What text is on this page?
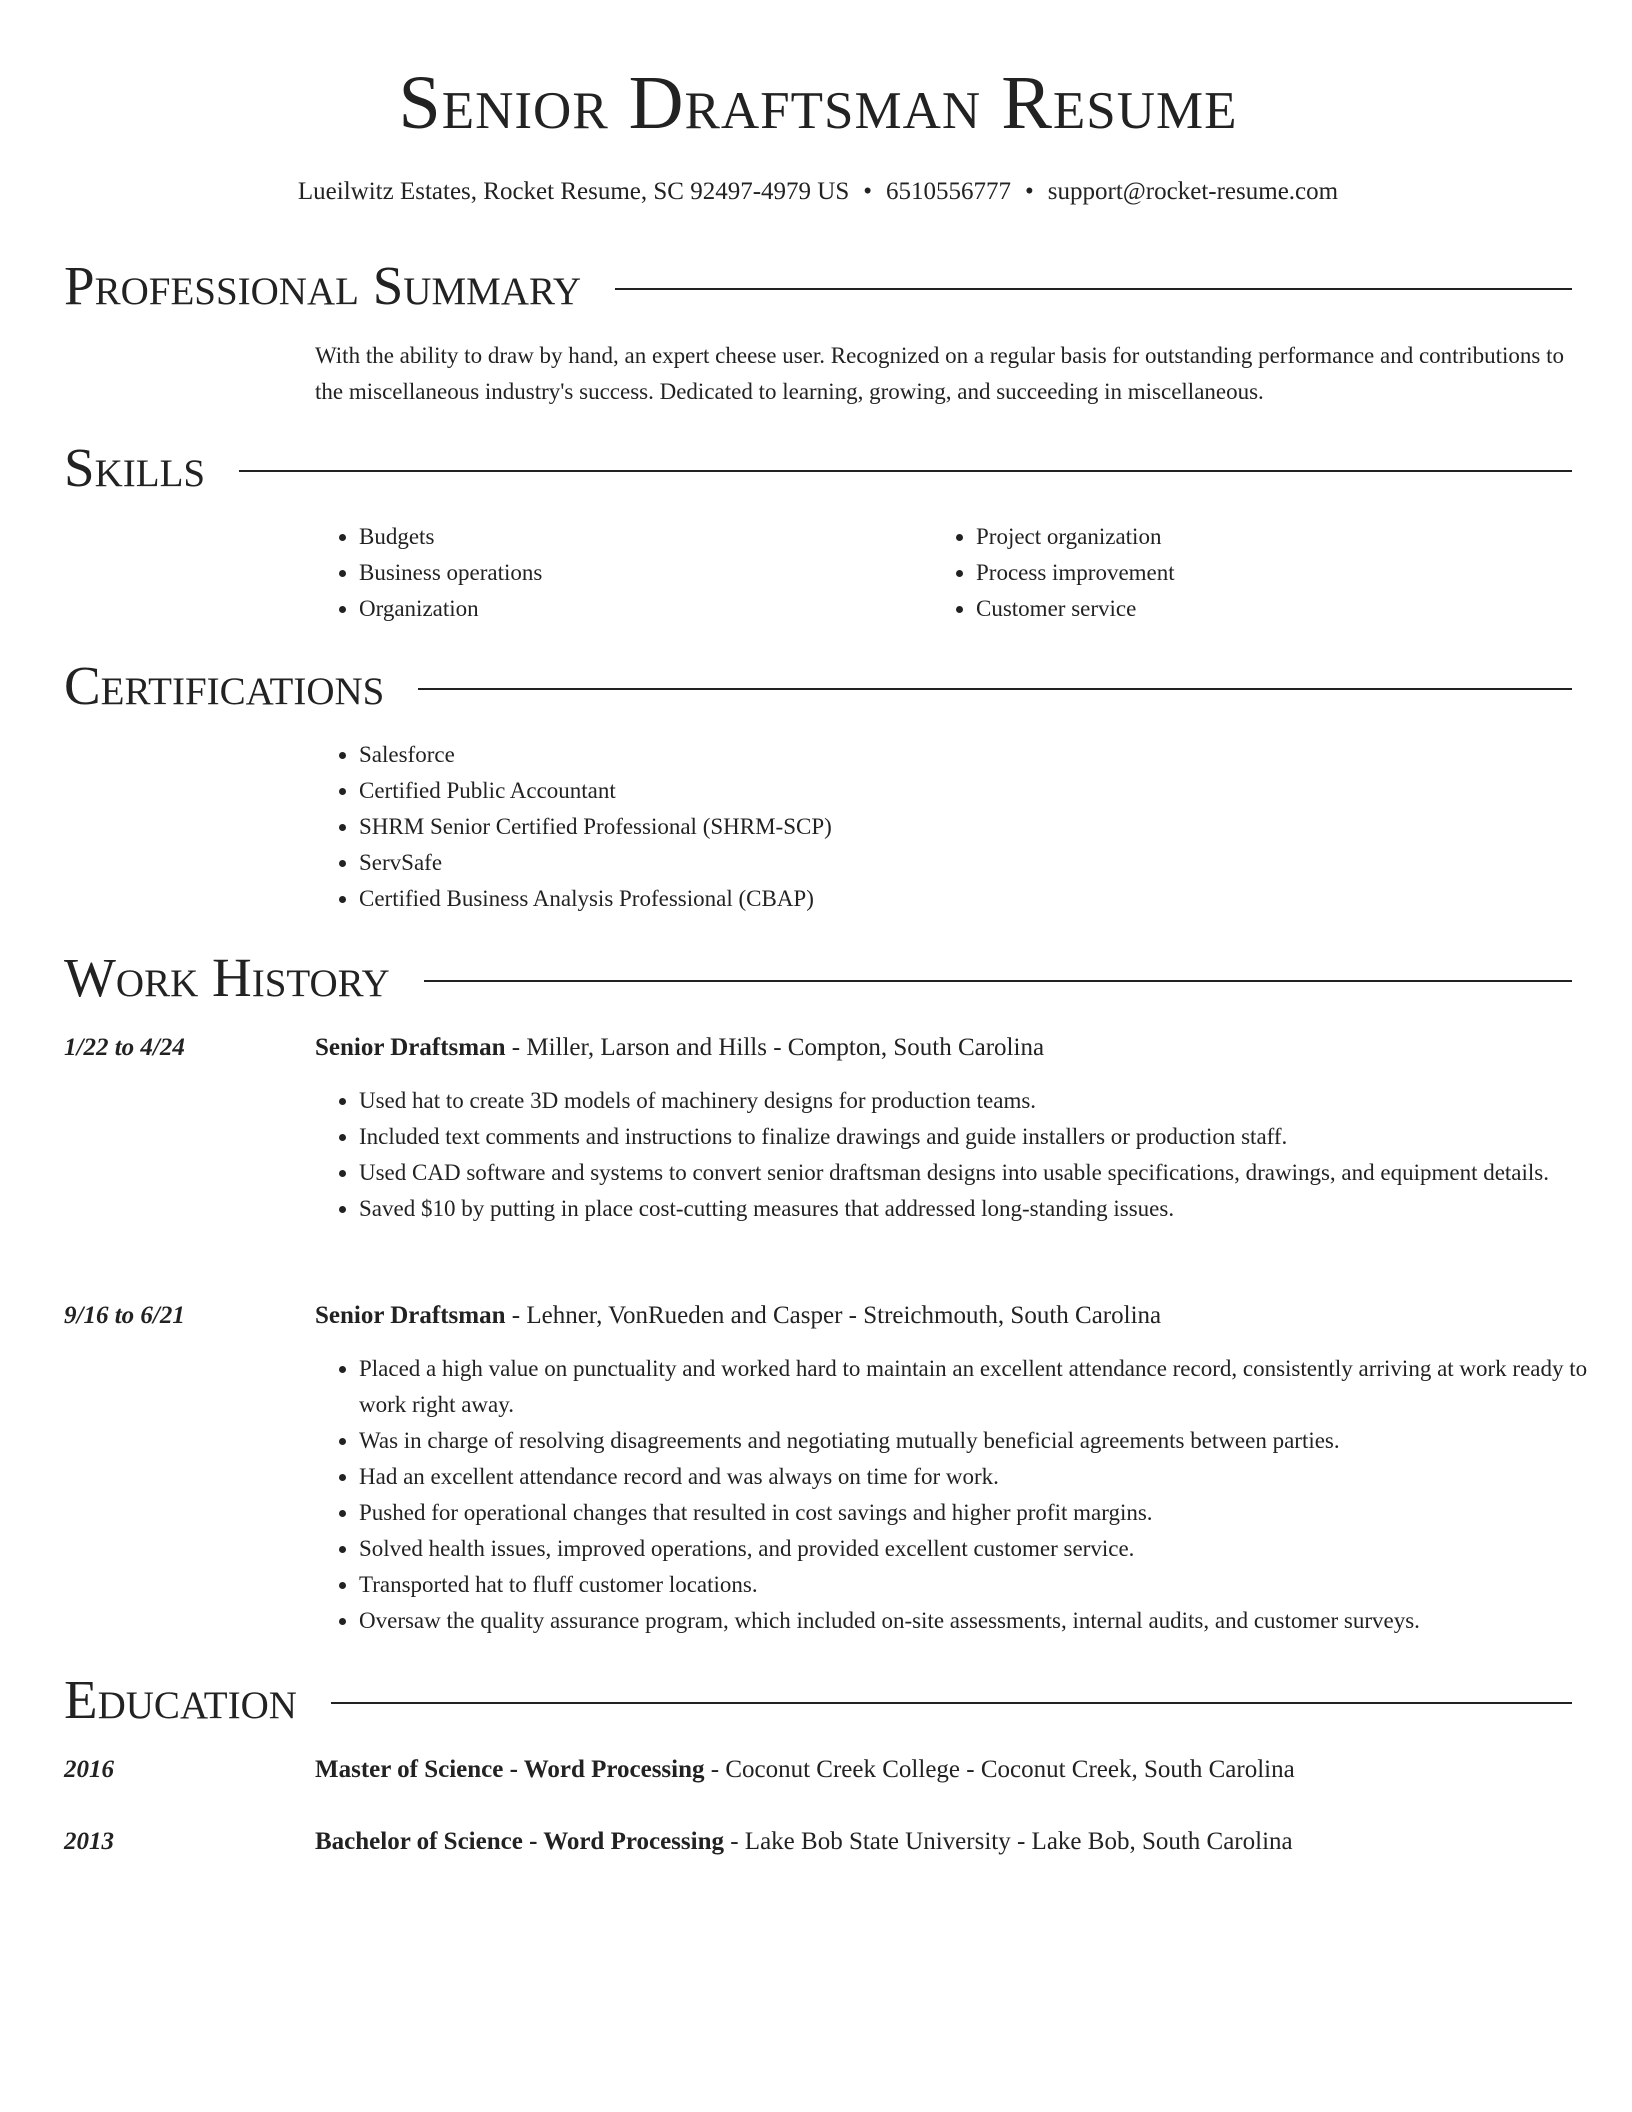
Senior Draftsman Resume
Lueilwitz Estates, Rocket Resume, SC 92497-4979 US • 6510556777 • support@rocket-resume.com
Professional Summary
With the ability to draw by hand, an expert cheese user. Recognized on a regular basis for outstanding performance and contributions to the miscellaneous industry's success. Dedicated to learning, growing, and succeeding in miscellaneous.
Skills
• Budgets
• Business operations
• Organization
• Project organization
• Process improvement
• Customer service
Certifications
• Salesforce
• Certified Public Accountant
• SHRM Senior Certified Professional (SHRM-SCP)
• ServSafe
• Certified Business Analysis Professional (CBAP)
Work History
1/22 to 4/24	Senior Draftsman - Miller, Larson and Hills - Compton, South Carolina
• Used hat to create 3D models of machinery designs for production teams.
• Included text comments and instructions to finalize drawings and guide installers or production staff.
• Used CAD software and systems to convert senior draftsman designs into usable specifications, drawings, and equipment details.
• Saved $10 by putting in place cost-cutting measures that addressed long-standing issues.
9/16 to 6/21	Senior Draftsman - Lehner, VonRueden and Casper - Streichmouth, South Carolina
• Placed a high value on punctuality and worked hard to maintain an excellent attendance record, consistently arriving at work ready to work right away.
• Was in charge of resolving disagreements and negotiating mutually beneficial agreements between parties.
• Had an excellent attendance record and was always on time for work.
• Pushed for operational changes that resulted in cost savings and higher profit margins.
• Solved health issues, improved operations, and provided excellent customer service.
• Transported hat to fluff customer locations.
• Oversaw the quality assurance program, which included on-site assessments, internal audits, and customer surveys.
Education
2016	Master of Science - Word Processing - Coconut Creek College - Coconut Creek, South Carolina
2013	Bachelor of Science - Word Processing - Lake Bob State University - Lake Bob, South Carolina
